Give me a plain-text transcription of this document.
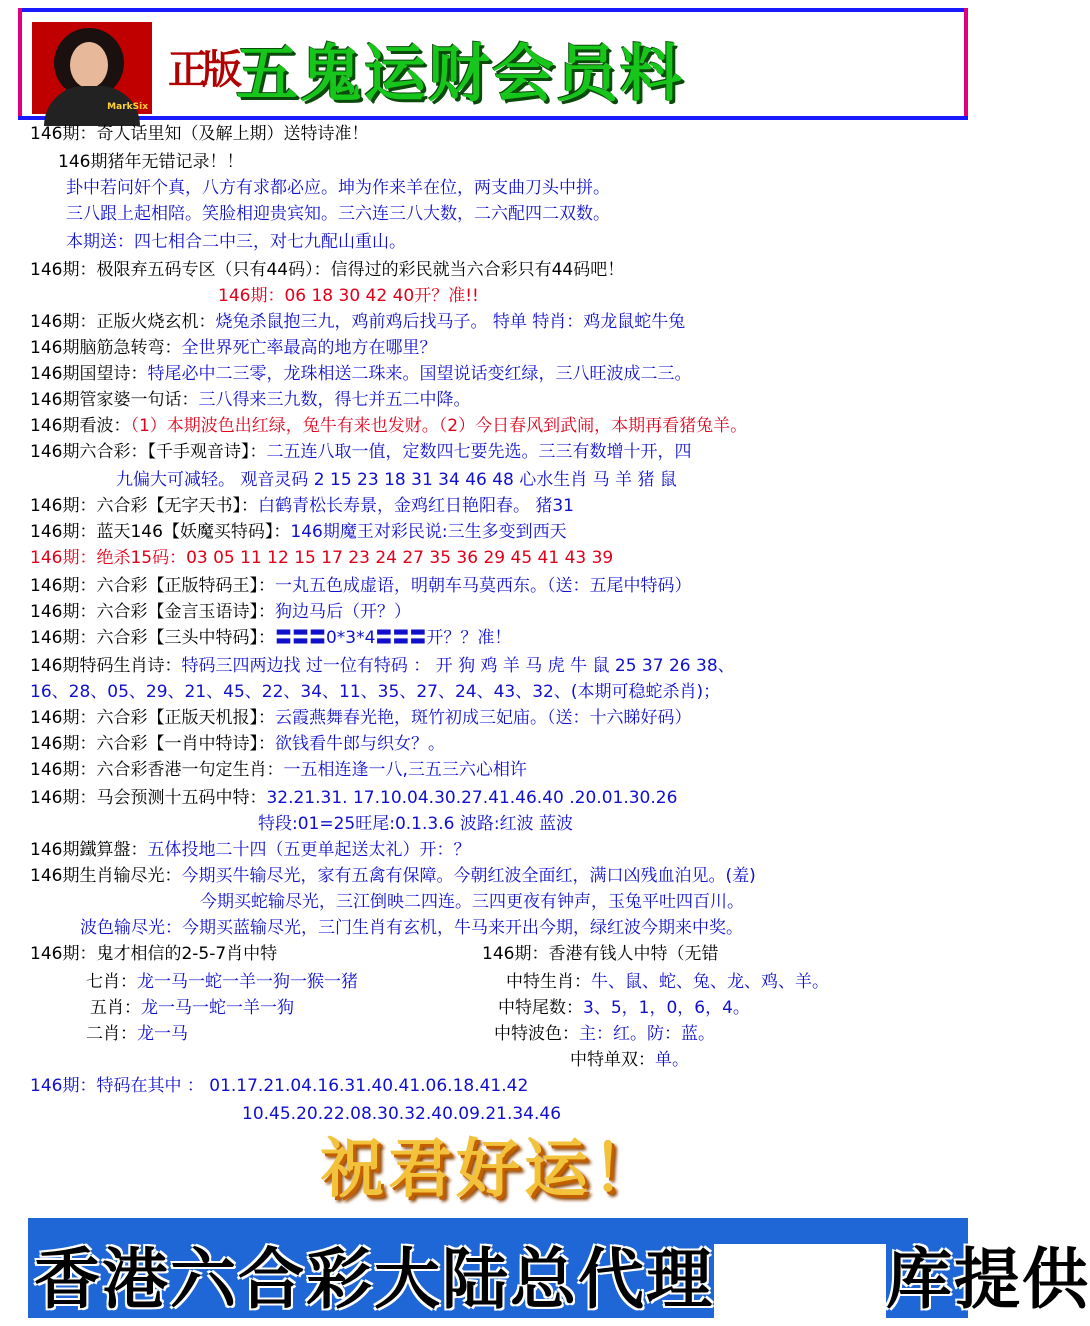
MarkSix
正版 五鬼运财会员料
146期：奇人话里知（及解上期）送特诗准！
146期猪年无错记录！！
卦中若问奸个真，八方有求都必应。坤为作来羊在位，两支曲刀头中拼。
三八跟上起相陪。笑脸相迎贵宾知。三六连三八大数，二六配四二双数。
本期送：四七相合二中三，对七九配山重山。
146期：极限弃五码专区（只有44码）：信得过的彩民就当六合彩只有44码吧！
146期：06 18 30 42 40开？准!!
146期：正版火烧玄机：烧兔杀鼠抱三九，鸡前鸡后找马子。 特单 特肖：鸡龙鼠蛇牛兔
146期脑筋急转弯：全世界死亡率最高的地方在哪里？
146期国望诗：特尾必中二三零，龙珠相送二珠来。国望说话变红绿，三八旺波成二三。
146期管家婆一句话：三八得来三九数，得七并五二中降。
146期看波：（1）本期波色出红绿，兔牛有来也发财。（2）今日春风到武闹，本期再看猪兔羊。
146期六合彩：【千手观音诗】：二五连八取一值，定数四七要先选。三三有数增十开，四
九偏大可减轻。 观音灵码 2 15 23 18 31 34 46 48 心水生肖 马 羊 猪 鼠
146期：六合彩【无字天书】：白鹤青松长寿景，金鸡红日艳阳春。 猪31
146期：蓝天146【妖魔买特码】：146期魔王对彩民说:三生多变到西天
146期：绝杀15码：03 05 11 12 15 17 23 24 27 35 36 29 45 41 43 39
146期：六合彩【正版特码王】：一丸五色成虚语，明朝车马莫西东。（送：五尾中特码）
146期：六合彩【金言玉语诗】：狗边马后（开？）
146期：六合彩【三头中特码】：〓〓〓0*3*4〓〓〓开？？准！
146期特码生肖诗：特码三四两边找 过一位有特码 ： 开 狗 鸡 羊 马 虎 牛 鼠 25 37 26 38、
16、28、05、29、21、45、22、34、11、35、27、24、43、32、(本期可稳蛇杀肖)；
146期：六合彩【正版天机报】：云霞燕舞春光艳，斑竹初成三妃庙。（送：十六睇好码）
146期：六合彩【一肖中特诗】：欲钱看牛郎与织女？。
146期：六合彩香港一句定生肖：一五相连逢一八,三五三六心相许
146期：马会预测十五码中特：32.21.31. 17.10.04.30.27.41.46.40 .20.01.30.26
特段:01=25旺尾:0.1.3.6 波路:红波 蓝波
146期鐵算盤：五体投地二十四（五更单起送太礼）开：？
146期生肖输尽光：今期买牛输尽光，家有五禽有保障。今朝红波全面红，满口凶残血泊见。(羞)
今期买蛇输尽光，三江倒映二四连。三四更夜有钟声，玉兔平吐四百川。
波色输尽光：今期买蓝输尽光，三门生肖有玄机，牛马来开出今期，绿红波今期来中奖。
146期：鬼才相信的2-5-7肖中特
七肖：龙一马一蛇一羊一狗一猴一猪
五肖：龙一马一蛇一羊一狗
二肖：龙一马
146期：香港有钱人中特（无错
中特生肖：牛、鼠、蛇、兔、龙、鸡、羊。
中特尾数：3、5，1，0，6，4。
中特波色：主：红。防：蓝。
中特单双：单。
146期：特码在其中 ： 01.17.21.04.16.31.40.41.06.18.41.42
10.45.20.22.08.30.32.40.09.21.34.46
祝君好运！
香港六合彩大陆总代理	库提供
